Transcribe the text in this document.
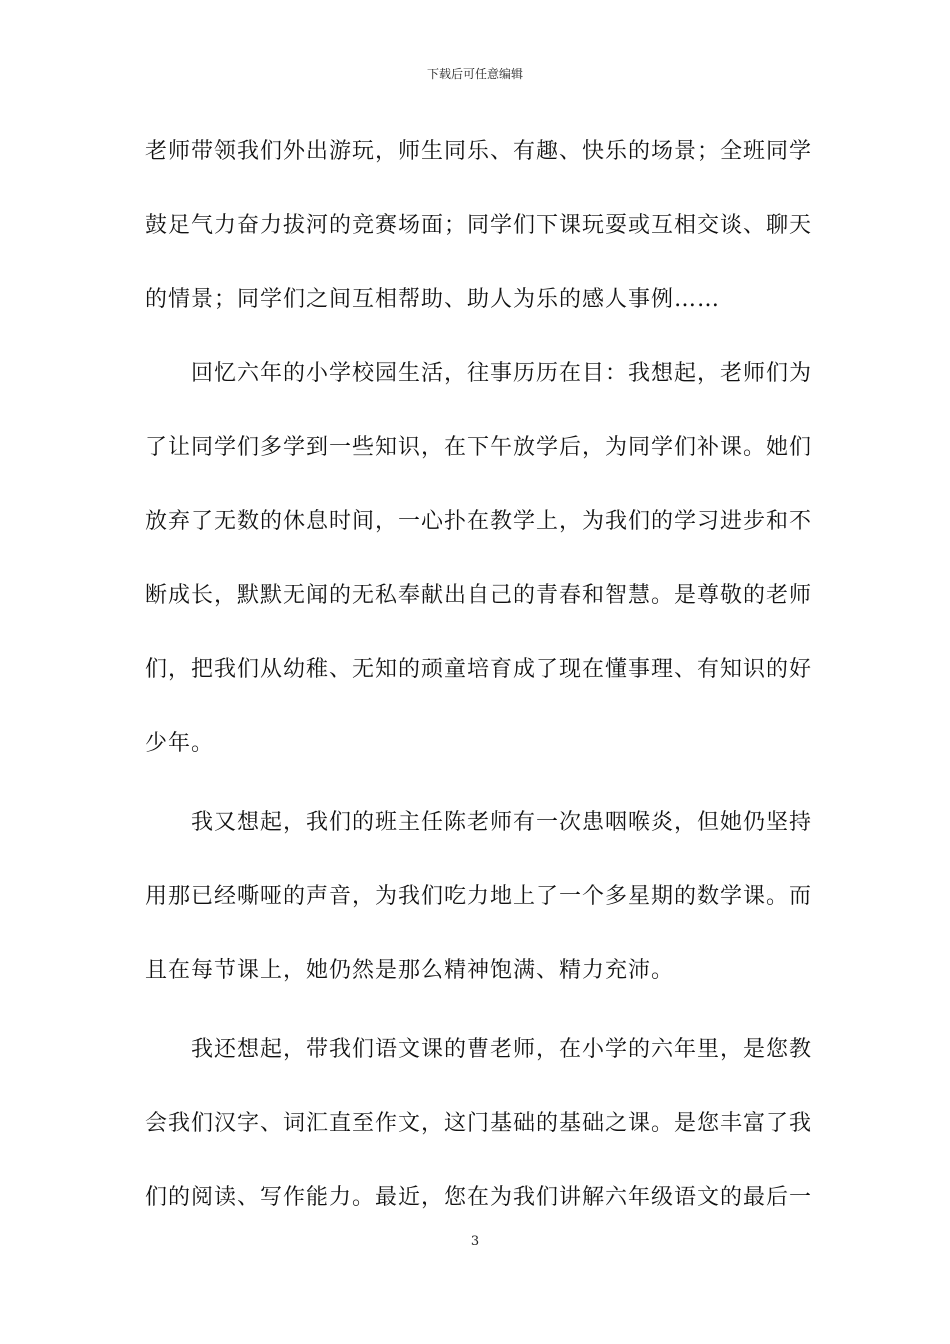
下载后可任意编辑
老师带领我们外出游玩，师生同乐、有趣、快乐的场景；全班同学
鼓足气力奋力拔河的竞赛场面；同学们下课玩耍或互相交谈、聊天
的情景；同学们之间互相帮助、助人为乐的感人事例……
回忆六年的小学校园生活，往事历历在目：我想起，老师们为
了让同学们多学到一些知识，在下午放学后，为同学们补课。她们
放弃了无数的休息时间，一心扑在教学上，为我们的学习进步和不
断成长，默默无闻的无私奉献出自己的青春和智慧。是尊敬的老师
们，把我们从幼稚、无知的顽童培育成了现在懂事理、有知识的好
少年。
我又想起，我们的班主任陈老师有一次患咽喉炎，但她仍坚持
用那已经嘶哑的声音，为我们吃力地上了一个多星期的数学课。而
且在每节课上，她仍然是那么精神饱满、精力充沛。
我还想起，带我们语文课的曹老师，在小学的六年里，是您教
会我们汉字、词汇直至作文，这门基础的基础之课。是您丰富了我
们的阅读、写作能力。最近，您在为我们讲解六年级语文的最后一
3
